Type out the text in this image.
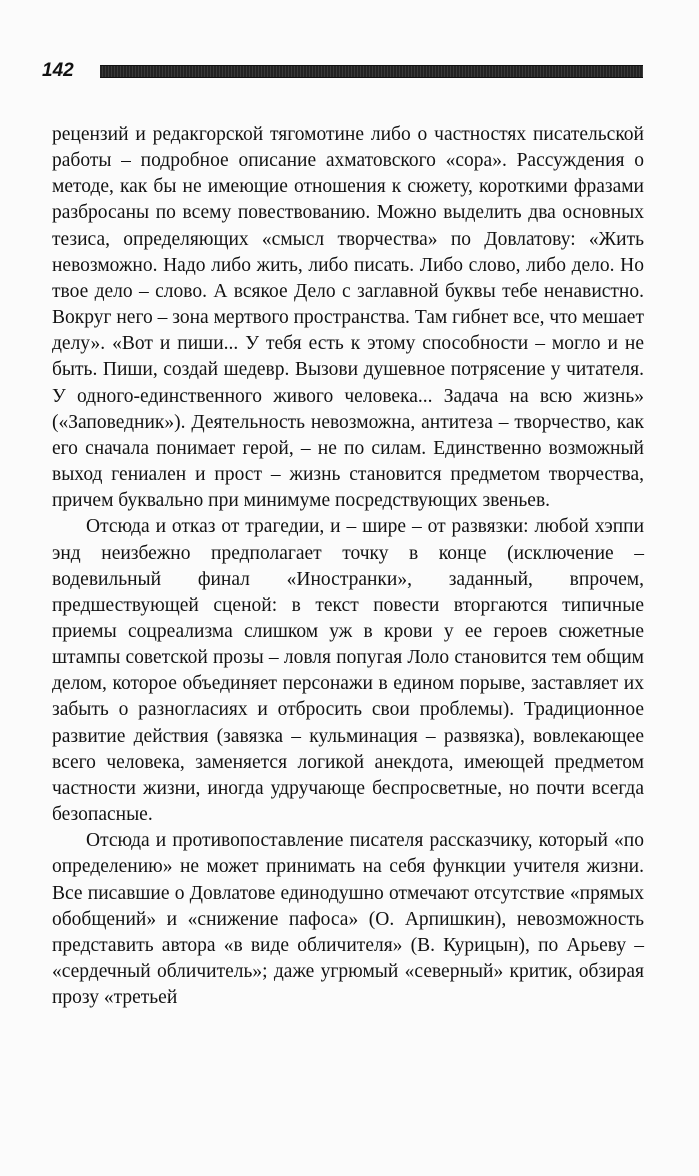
142

рецензий и редакгорской тягомотине либо о частностях писательской работы – подробное описание ахматовского «сора». Рассуждения о методе, как бы не имеющие отношения к сюжету, короткими фразами разбросаны по всему повествованию. Можно выделить два основных тезиса, определяющих «смысл творчества» по Довлатову: «Жить невозможно. Надо либо жить, либо писать. Либо слово, либо дело. Но твое дело – слово. А всякое Дело с заглавной буквы тебе ненавистно. Вокруг него – зона мертвого пространства. Там гибнет все, что мешает делу». «Вот и пиши... У тебя есть к этому способности – могло и не быть. Пиши, создай шедевр. Вызови душевное потрясение у читателя. У одного-единственного живого человека... Задача на всю жизнь» («Заповедник»). Деятельность невозможна, антитеза – творчество, как его сначала понимает герой, – не по силам. Единственно возможный выход гениален и прост – жизнь становится предметом творчества, причем буквально при минимуме посредствующих звеньев.

Отсюда и отказ от трагедии, и – шире – от развязки: любой хэппи энд неизбежно предполагает точку в конце (исключение – водевильный финал «Иностранки», заданный, впрочем, предшествующей сценой: в текст повести вторгаются типичные приемы соцреализма слишком уж в крови у ее героев сюжетные штампы советской прозы – ловля попугая Лоло становится тем общим делом, которое объединяет персонажи в едином порыве, заставляет их забыть о разногласиях и отбросить свои проблемы). Традиционное развитие действия (завязка – кульминация – развязка), вовлекающее всего человека, заменяется логикой анекдота, имеющей предметом частности жизни, иногда удручающе беспросветные, но почти всегда безопасные.

Отсюда и противопоставление писателя рассказчику, который «по определению» не может принимать на себя функции учителя жизни. Все писавшие о Довлатове единодушно отмечают отсутствие «прямых обобщений» и «снижение пафоса» (О. Арпишкин), невозможность представить автора «в виде обличителя» (В. Курицын), по Арьеву – «сердечный обличитель»; даже угрюмый «северный» критик, обзирая прозу «третьей
